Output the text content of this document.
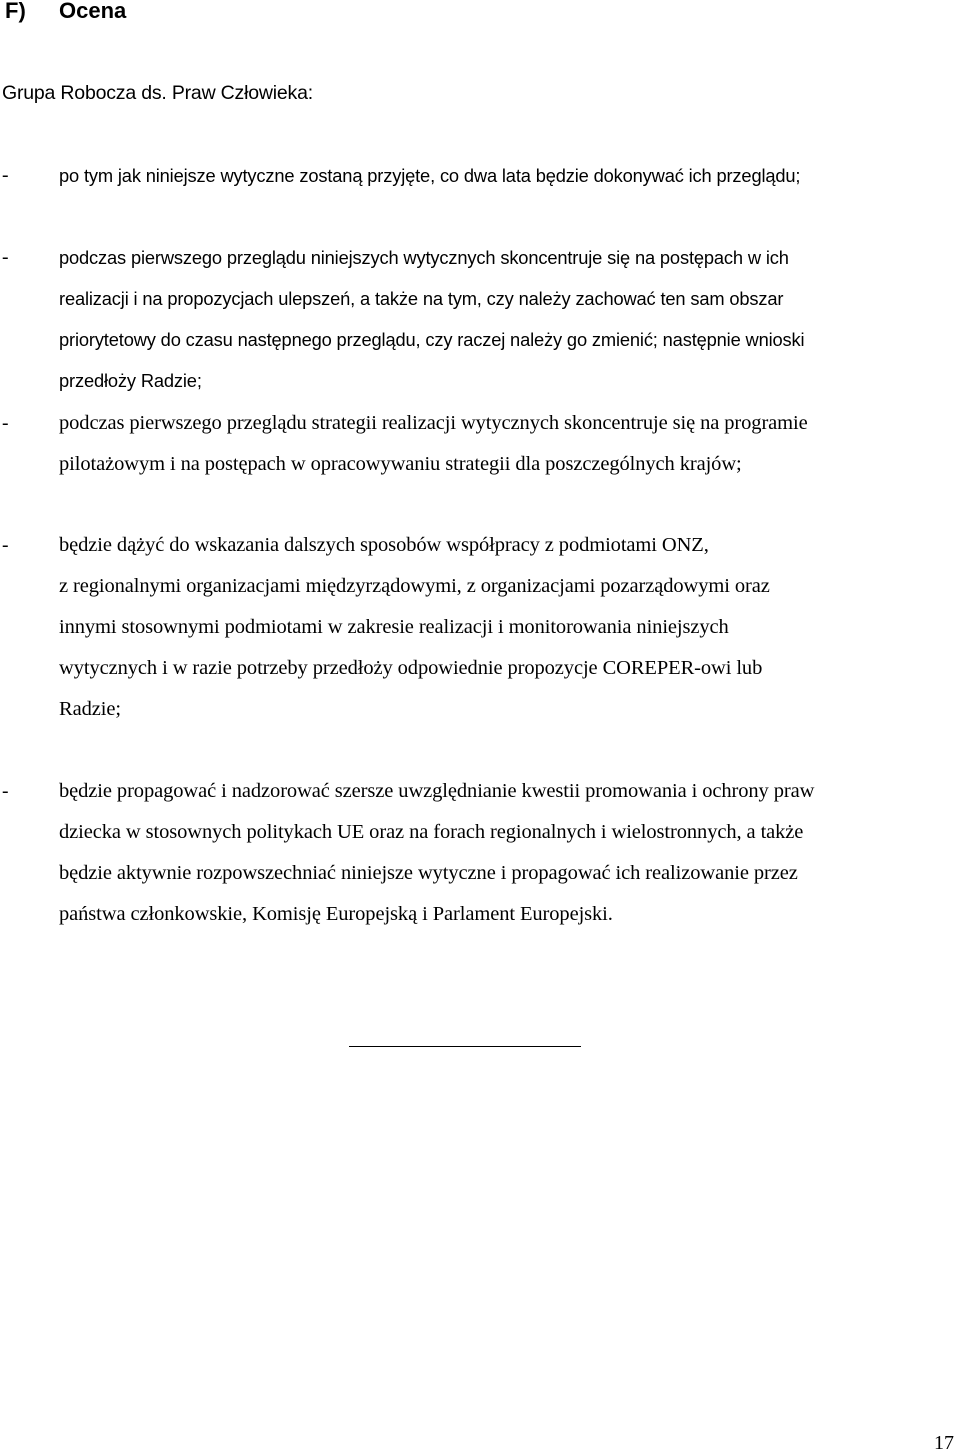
F) Ocena
Grupa Robocza ds. Praw Człowieka:
-	po tym jak niniejsze wytyczne zostaną przyjęte, co dwa lata będzie dokonywać ich przeglądu;
-	podczas pierwszego przeglądu niniejszych wytycznych skoncentruje się na postępach w ich
realizacji i na propozycjach ulepszeń, a także na tym, czy należy zachować ten sam obszar
priorytetowy do czasu następnego przeglądu, czy raczej należy go zmienić; następnie wnioski
przedłoży Radzie;
- podczas pierwszego przeglądu strategii realizacji wytycznych skoncentruje się na programie
pilotażowym i na postępach w opracowywaniu strategii dla poszczególnych krajów;
- będzie dążyć do wskazania dalszych sposobów współpracy z podmiotami ONZ,
z regionalnymi organizacjami międzyrządowymi, z organizacjami pozarządowymi oraz
innymi stosownymi podmiotami w zakresie realizacji i monitorowania niniejszych
wytycznych i w razie potrzeby przedłoży odpowiednie propozycje COREPER-owi lub
Radzie;
- będzie propagować i nadzorować szersze uwzględnianie kwestii promowania i ochrony praw
dziecka w stosownych politykach UE oraz na forach regionalnych i wielostronnych, a także
będzie aktywnie rozpowszechniać niniejsze wytyczne i propagować ich realizowanie przez
państwa członkowskie, Komisję Europejską i Parlament Europejski.
17
